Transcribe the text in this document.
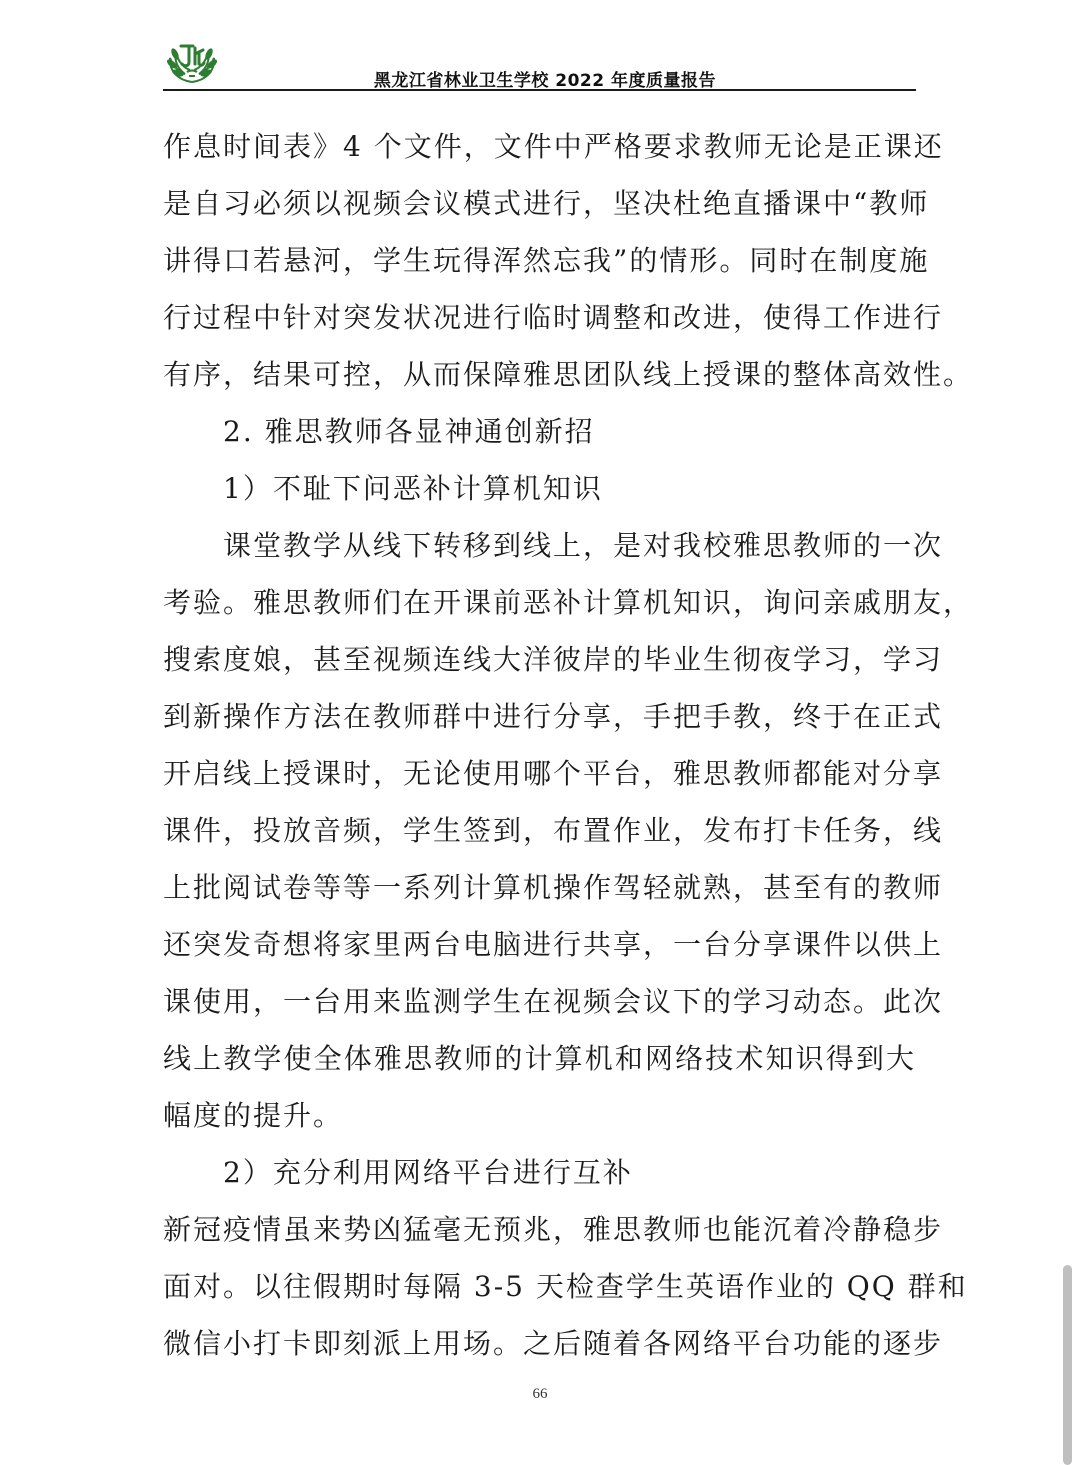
黑龙江省林业卫生学校 2022 年度质量报告
作息时间表》4 个文件，文件中严格要求教师无论是正课还
是自习必须以视频会议模式进行，坚决杜绝直播课中“教师
讲得口若悬河，学生玩得浑然忘我”的情形。同时在制度施
行过程中针对突发状况进行临时调整和改进，使得工作进行
有序，结果可控，从而保障雅思团队线上授课的整体高效性。
2. 雅思教师各显神通创新招
1）不耻下问恶补计算机知识
课堂教学从线下转移到线上，是对我校雅思教师的一次
考验。雅思教师们在开课前恶补计算机知识，询问亲戚朋友，
搜索度娘，甚至视频连线大洋彼岸的毕业生彻夜学习，学习
到新操作方法在教师群中进行分享，手把手教，终于在正式
开启线上授课时，无论使用哪个平台，雅思教师都能对分享
课件，投放音频，学生签到，布置作业，发布打卡任务，线
上批阅试卷等等一系列计算机操作驾轻就熟，甚至有的教师
还突发奇想将家里两台电脑进行共享，一台分享课件以供上
课使用，一台用来监测学生在视频会议下的学习动态。此次
线上教学使全体雅思教师的计算机和网络技术知识得到大
幅度的提升。
2）充分利用网络平台进行互补
新冠疫情虽来势凶猛毫无预兆，雅思教师也能沉着冷静稳步
面对。以往假期时每隔 3-5 天检查学生英语作业的 QQ 群和
微信小打卡即刻派上用场。之后随着各网络平台功能的逐步
66
